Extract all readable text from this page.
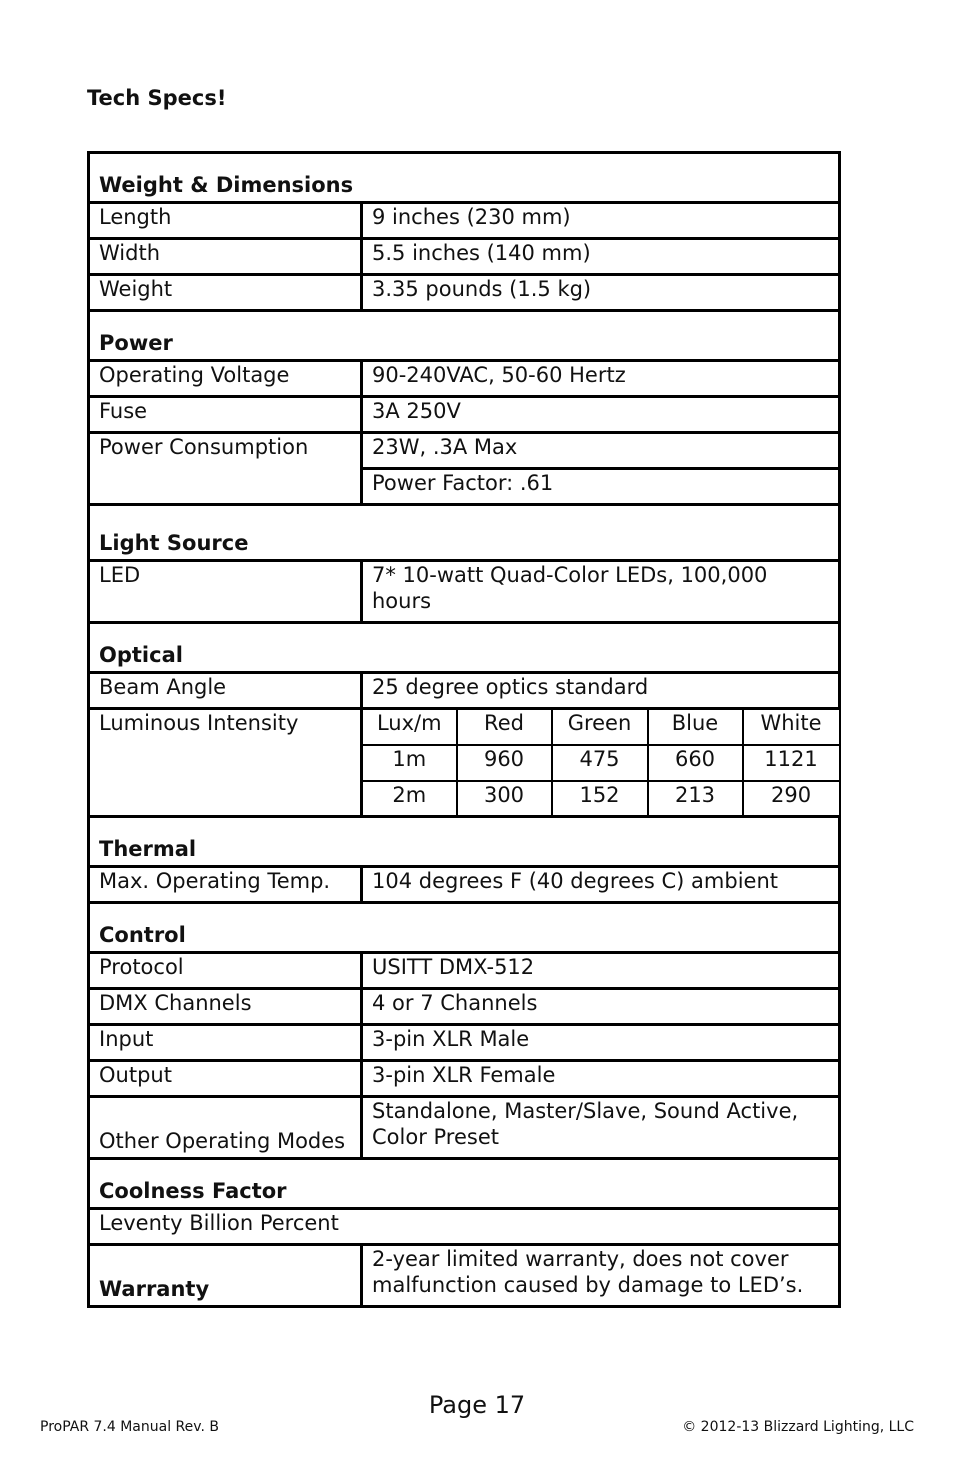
Tech Specs!
Weight & Dimensions					
Length	9 inches (230 mm)				
Width	5.5 inches (140 mm)				
Weight	3.35 pounds (1.5 kg)				
Power					
Operating Voltage	90-240VAC, 50-60 Hertz				
Fuse	3A 250V				
Power Consumption	23W, .3A Max				
	Power Factor: .61				
Light Source					
LED	7* 10-watt Quad-Color LEDs, 100,000 hours				
Optical					
Beam Angle	25 degree optics standard				
Luminous Intensity	Lux/m	Red	Green	Blue	White
	1m	960	475	660	1121
	2m	300	152	213	290
Thermal					
Max. Operating Temp.	104 degrees F (40 degrees C) ambient				
Control					
Protocol	USITT DMX-512				
DMX Channels	4 or 7 Channels				
Input	3-pin XLR Male				
Output	3-pin XLR Female				
Other Operating Modes	Standalone, Master/Slave, Sound Active, Color Preset				
Coolness Factor					
Leventy Billion Percent					
Warranty	2-year limited warranty, does not cover malfunction caused by damage to LED’s.				
Page 17
ProPAR 7.4 Manual Rev. B	© 2012-13 Blizzard Lighting, LLC
